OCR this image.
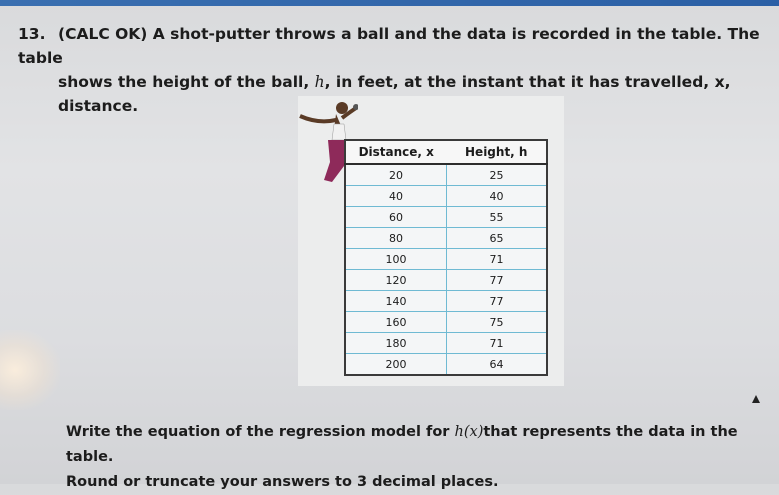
13. (CALC OK) A shot-putter throws a ball and the data is recorded in the table. The table
shows the height of the ball, h, in feet, at the instant that it has travelled, x, distance.
Distance, x	Height, h
20	25
40	40
60	55
80	65
100	71
120	77
140	77
160	75
180	71
200	64
Write the equation of the regression model for h(x)that represents the data in the table.
Round or truncate your answers to 3 decimal places.
